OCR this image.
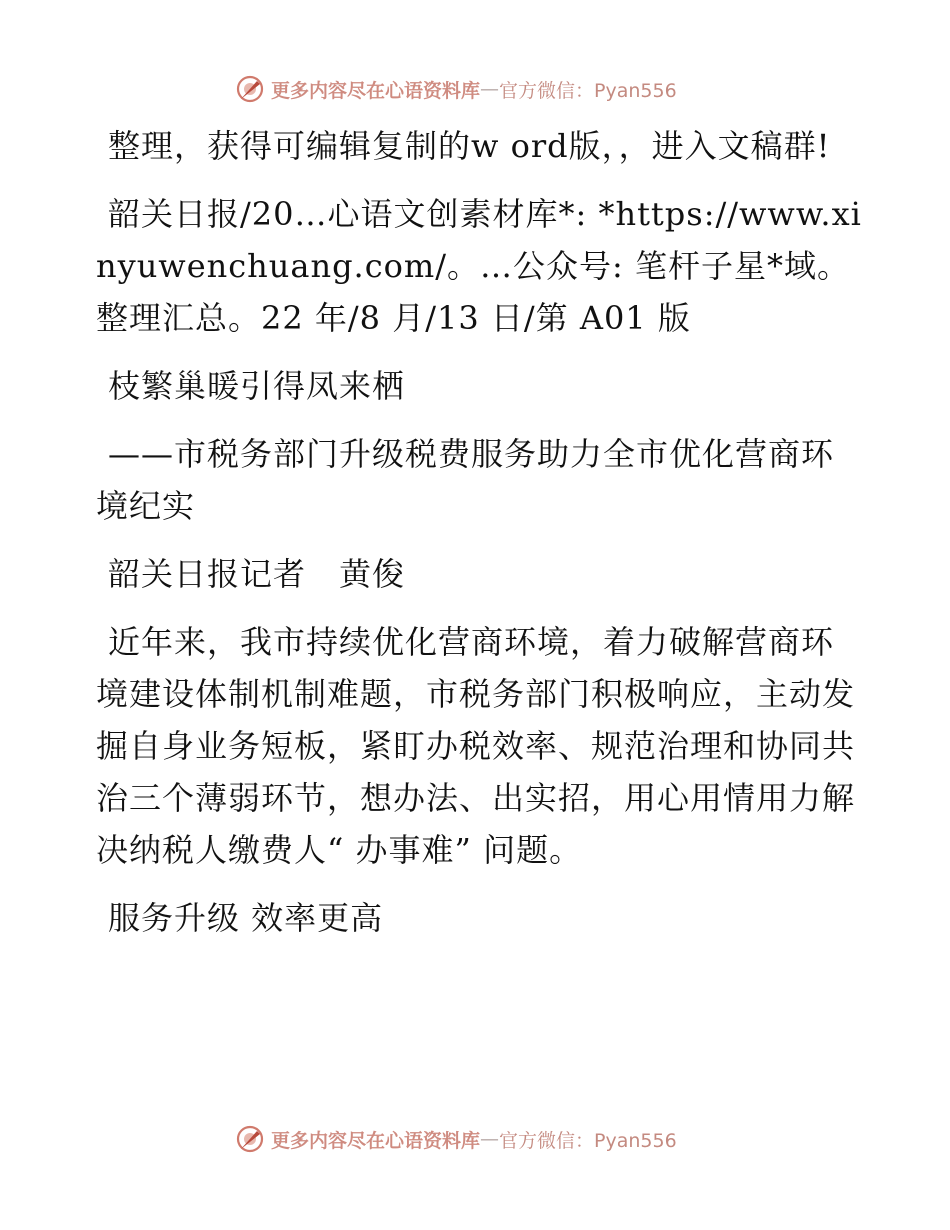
更多内容尽在心语资料库 — 官方微信：Pyan556

整理，获得可编辑复制的w ord版，，进入文稿群!

韶关日报/20…心语文创素材库*: *https://www.xinyuwenchuang.com/。…公众号: 笔杆子星*域。整理汇总。22 年/8 月/13 日/第 A01 版

枝繁巢暖引得凤来栖

——市税务部门升级税费服务助力全市优化营商环境纪实

韶关日报记者　黄俊

近年来，我市持续优化营商环境，着力破解营商环境建设体制机制难题，市税务部门积极响应，主动发掘自身业务短板，紧盯办税效率、规范治理和协同共治三个薄弱环节，想办法、出实招，用心用情用力解决纳税人缴费人“ 办事难” 问题。

服务升级 效率更高

更多内容尽在心语资料库 — 官方微信：Pyan556
